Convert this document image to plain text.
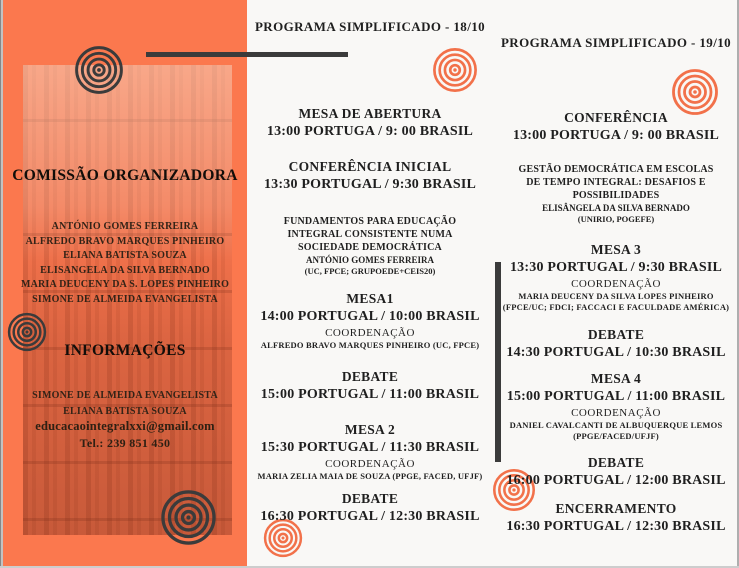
COMISSÃO ORGANIZADORA
ANTÓNIO GOMES FERREIRA
ALFREDO BRAVO MARQUES PINHEIRO
ELIANA BATISTA SOUZA
ELISANGELA DA SILVA BERNADO
MARIA DEUCENY DA S. LOPES PINHEIRO
SIMONE DE ALMEIDA EVANGELISTA
INFORMAÇÕES
SIMONE DE ALMEIDA EVANGELISTA
ELIANA BATISTA SOUZA
educacaointegralxxi@gmail.com
Tel.: 239 851 450
PROGRAMA SIMPLIFICADO - 18/10
MESA DE ABERTURA
13:00 PORTUGA / 9: 00 BRASIL
CONFERÊNCIA INICIAL
13:30 PORTUGAL / 9:30 BRASIL
FUNDAMENTOS PARA EDUCAÇÃO INTEGRAL CONSISTENTE NUMA SOCIEDADE DEMOCRÁTICA
ANTÓNIO GOMES FERREIRA
(UC, FPCE; GRUPOEDE+CEIS20)
MESA1
14:00 PORTUGAL / 10:00 BRASIL
COORDENAÇÃO
ALFREDO BRAVO MARQUES PINHEIRO (UC, FPCE)
DEBATE
15:00 PORTUGAL / 11:00 BRASIL
MESA 2
15:30 PORTUGAL / 11:30 BRASIL
COORDENAÇÃO
MARIA ZELIA MAIA DE SOUZA (PPGE, FACED, UFJF)
DEBATE
16:30 PORTUGAL / 12:30 BRASIL
PROGRAMA SIMPLIFICADO - 19/10
CONFERÊNCIA
13:00 PORTUGA / 9: 00 BRASIL
GESTÃO DEMOCRÁTICA EM ESCOLAS DE TEMPO INTEGRAL: DESAFIOS E POSSIBILIDADES
ELISÂNGELA DA SILVA BERNADO
(UNIRIO, POGEFE)
MESA 3
13:30 PORTUGAL / 9:30 BRASIL
COORDENAÇÃO
MARIA DEUCENY DA SILVA LOPES PINHEIRO
(FPCE/UC; FDCI; FACCACI E FACULDADE AMÉRICA)
DEBATE
14:30 PORTUGAL / 10:30 BRASIL
MESA 4
15:00 PORTUGAL / 11:00 BRASIL
COORDENAÇÃO
DANIEL CAVALCANTI DE ALBUQUERQUE LEMOS
(PPGE/FACED/UFJF)
DEBATE
16:00 PORTUGAL / 12:00 BRASIL
ENCERRAMENTO
16:30 PORTUGAL / 12:30 BRASIL
